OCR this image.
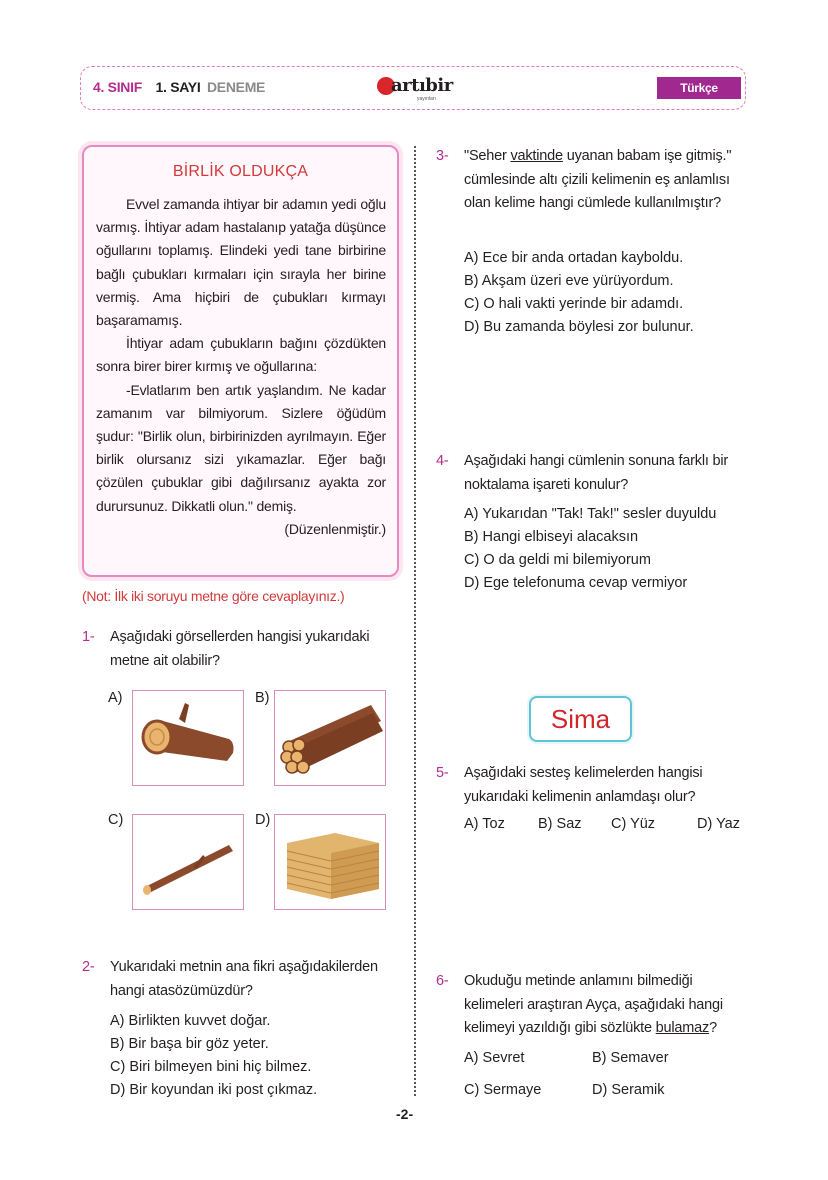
4. SINIF 1. SAYI DENEME	artıbir
yayınları
Türkçe
BİRLİK OLDUKÇA

Evvel zamanda ihtiyar bir adamın yedi oğlu varmış. İhtiyar adam hastalanıp yatağa düşünce oğullarını toplamış. Elindeki yedi tane birbirine bağlı çubukları kırmaları için sırayla her birine vermiş. Ama hiçbiri de çubukları kırmayı başaramamış.

İhtiyar adam çubukların bağını çözdükten sonra birer birer kırmış ve oğullarına:

-Evlatlarım ben artık yaşlandım. Ne kadar zamanım var bilmiyorum. Sizlere öğüdüm şudur: "Birlik olun, birbirinizden ayrılmayın. Eğer birlik olursanız sizi yıkamazlar. Eğer bağı çözülen çubuklar gibi dağılırsanız ayakta zor durursunuz. Dikkatli olun." demiş.

(Düzenlenmiştir.)
(Not: İlk iki soruyu metne göre cevaplayınız.)
1- Aşağıdaki görsellerden hangisi yukarıdaki metne ait olabilir?
A)	B)
C)	D)
2- Yukarıdaki metnin ana fikri aşağıdakilerden hangi atasözümüzdür?
A) Birlikten kuvvet doğar.
B) Bir başa bir göz yeter.
C) Biri bilmeyen bini hiç bilmez.
D) Bir koyundan iki post çıkmaz.
3- "Seher vaktinde uyanan babam işe gitmiş." cümlesinde altı çizili kelimenin eş anlamlısı olan kelime hangi cümlede kullanılmıştır?
A) Ece bir anda ortadan kayboldu.
B) Akşam üzeri eve yürüyordum.
C) O hali vakti yerinde bir adamdı.
D) Bu zamanda böylesi zor bulunur.
4- Aşağıdaki hangi cümlenin sonuna farklı bir noktalama işareti konulur?
A) Yukarıdan "Tak! Tak!" sesler duyuldu
B) Hangi elbiseyi alacaksın
C) O da geldi mi bilemiyorum
D) Ege telefonuma cevap vermiyor
Sima
5- Aşağıdaki sesteş kelimelerden hangisi yukarıdaki kelimenin anlamdaşı olur?
A) Toz B) Saz C) Yüz	D) Yaz
6- Okuduğu metinde anlamını bilmediği kelimeleri araştıran Ayça, aşağıdaki hangi kelimeyi yazıldığı gibi sözlükte bulamaz?
A) Sevret	B) Semaver
C) Sermaye	D) Seramik
-2-
